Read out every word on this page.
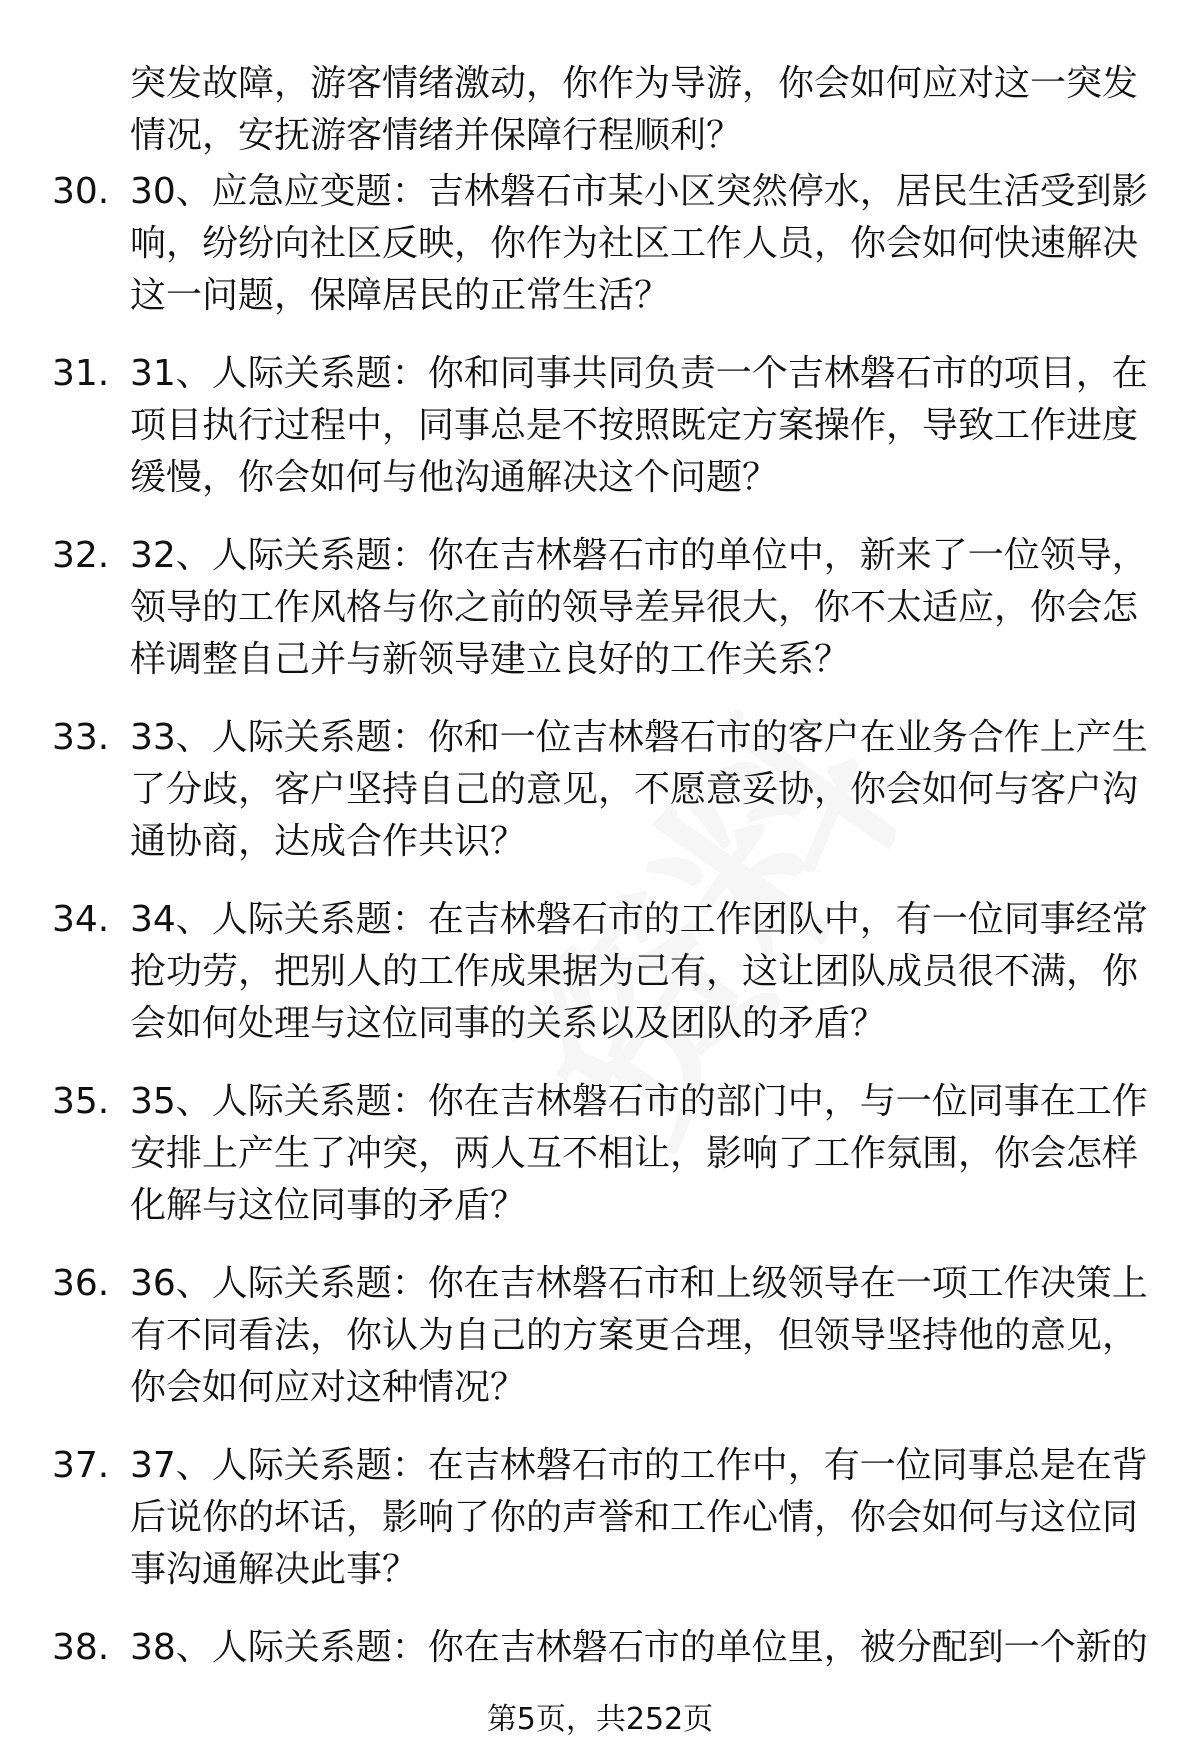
突发故障，游客情绪激动，你作为导游，你会如何应对这一突发
情况，安抚游客情绪并保障行程顺利？
30. 30、应急应变题：吉林磐石市某小区突然停水，居民生活受到影
响，纷纷向社区反映，你作为社区工作人员，你会如何快速解决
这一问题，保障居民的正常生活？
31. 31、人际关系题：你和同事共同负责一个吉林磐石市的项目，在
项目执行过程中，同事总是不按照既定方案操作，导致工作进度
缓慢，你会如何与他沟通解决这个问题？
32. 32、人际关系题：你在吉林磐石市的单位中，新来了一位领导，
领导的工作风格与你之前的领导差异很大，你不太适应，你会怎
样调整自己并与新领导建立良好的工作关系？
33. 33、人际关系题：你和一位吉林磐石市的客户在业务合作上产生
了分歧，客户坚持自己的意见，不愿意妥协，你会如何与客户沟
通协商，达成合作共识？
34. 34、人际关系题：在吉林磐石市的工作团队中，有一位同事经常
抢功劳，把别人的工作成果据为己有，这让团队成员很不满，你
会如何处理与这位同事的关系以及团队的矛盾？
35. 35、人际关系题：你在吉林磐石市的部门中，与一位同事在工作
安排上产生了冲突，两人互不相让，影响了工作氛围，你会怎样
化解与这位同事的矛盾？
36. 36、人际关系题：你在吉林磐石市和上级领导在一项工作决策上
有不同看法，你认为自己的方案更合理，但领导坚持他的意见，
你会如何应对这种情况？
37. 37、人际关系题：在吉林磐石市的工作中，有一位同事总是在背
后说你的坏话，影响了你的声誉和工作心情，你会如何与这位同
事沟通解决此事？
38. 38、人际关系题：你在吉林磐石市的单位里，被分配到一个新的
第5页，共252页
